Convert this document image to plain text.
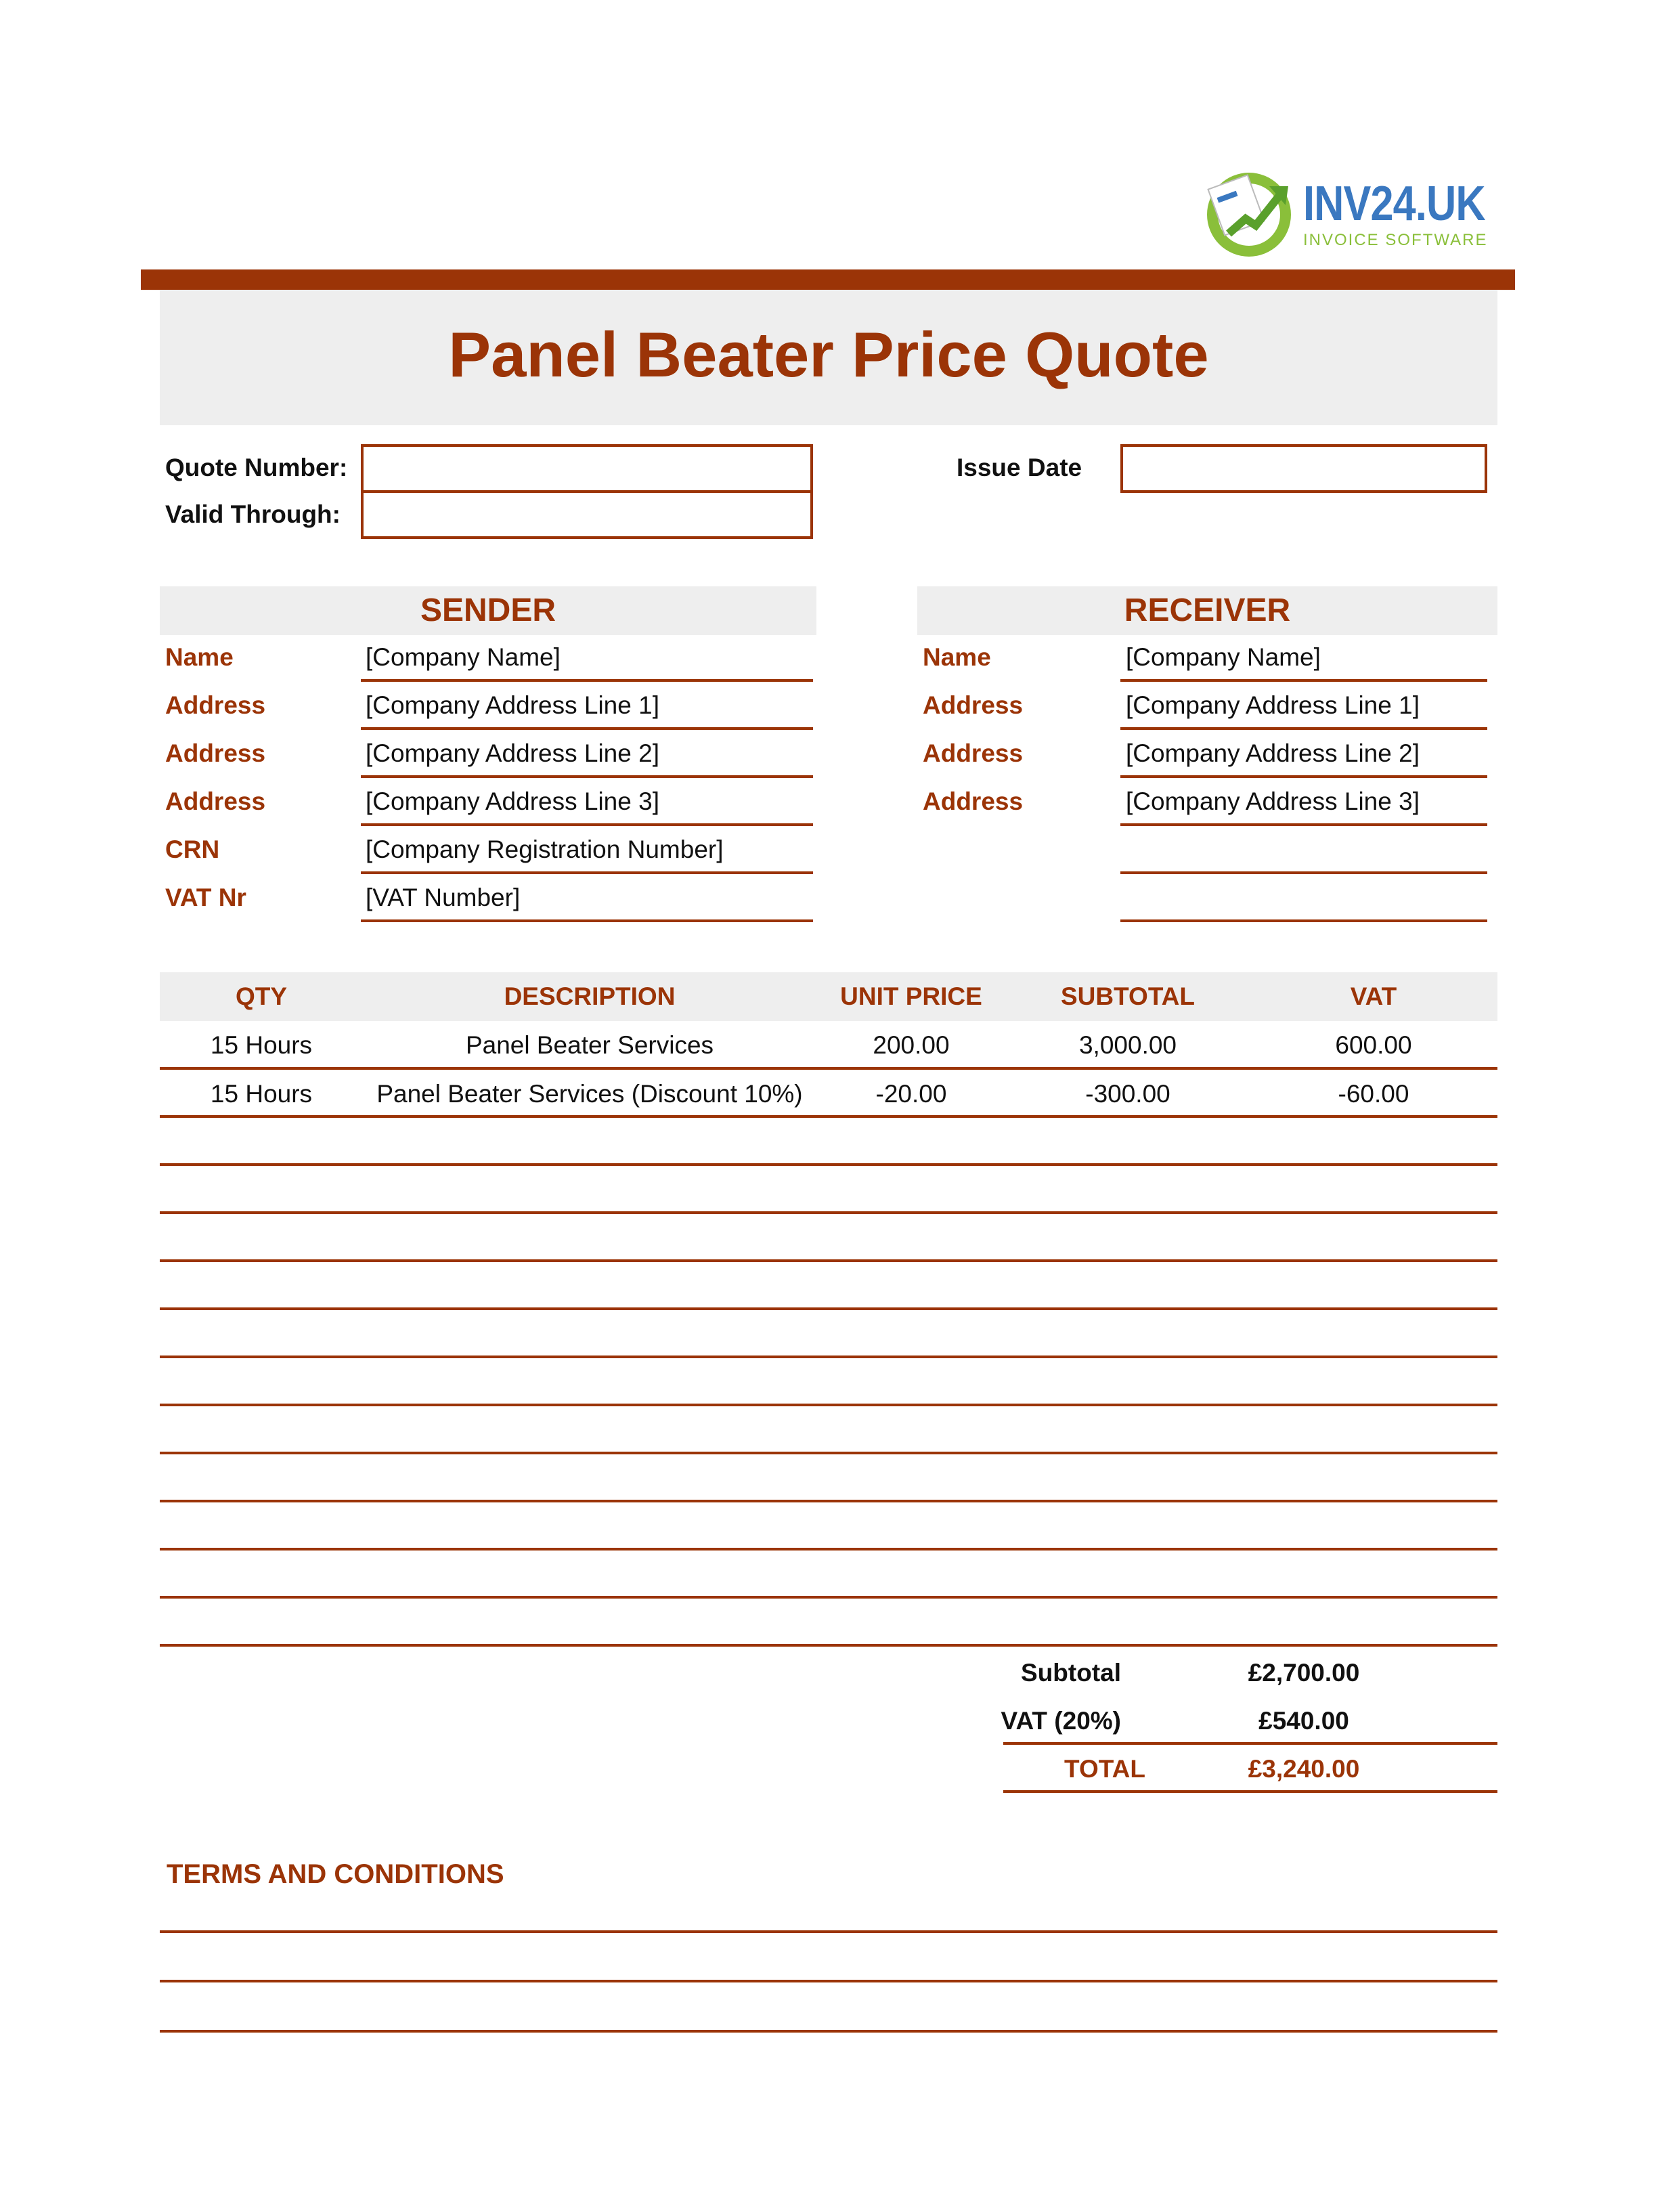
INV24.UK
INVOICE SOFTWARE
Panel Beater Price Quote
Quote Number:
Valid Through:
Issue Date
SENDER
Name	[Company Name]
Address	[Company Address Line 1]
Address	[Company Address Line 2]
Address	[Company Address Line 3]
CRN	[Company Registration Number]
VAT Nr	[VAT Number]
RECEIVER
Name	[Company Name]
Address	[Company Address Line 1]
Address	[Company Address Line 2]
Address	[Company Address Line 3]
QTY	DESCRIPTION	UNIT PRICE	SUBTOTAL	VAT
15 Hours	Panel Beater Services	200.00	3,000.00	600.00
15 Hours	Panel Beater Services (Discount 10%)	-20.00	-300.00	-60.00
Subtotal	£2,700.00
VAT (20%)	£540.00
TOTAL	£3,240.00
TERMS AND CONDITIONS
